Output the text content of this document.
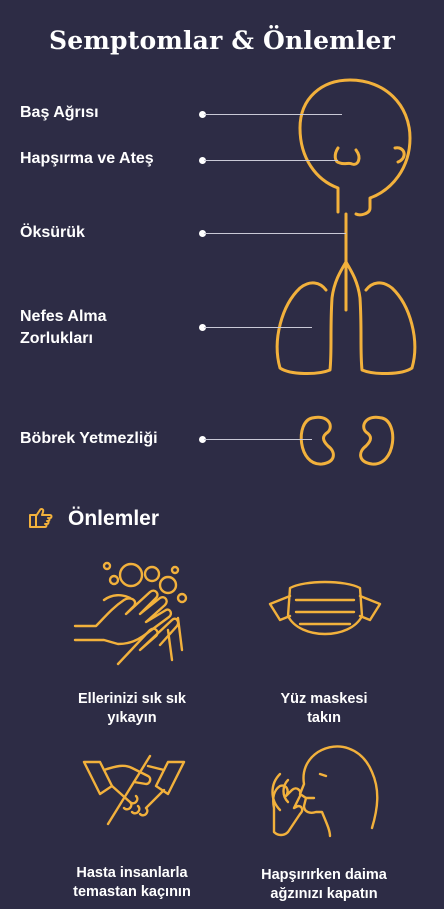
Semptomlar & Önlemler
Baş Ağrısı
Hapşırma ve Ateş
Öksürük
Nefes Alma
Zorlukları
Böbrek Yetmezliği
Önlemler
Ellerinizi sık sık
yıkayın
Yüz maskesi
takın
Hasta insanlarla
temastan kaçının
Hapşırırken daima
ağzınızı kapatın
